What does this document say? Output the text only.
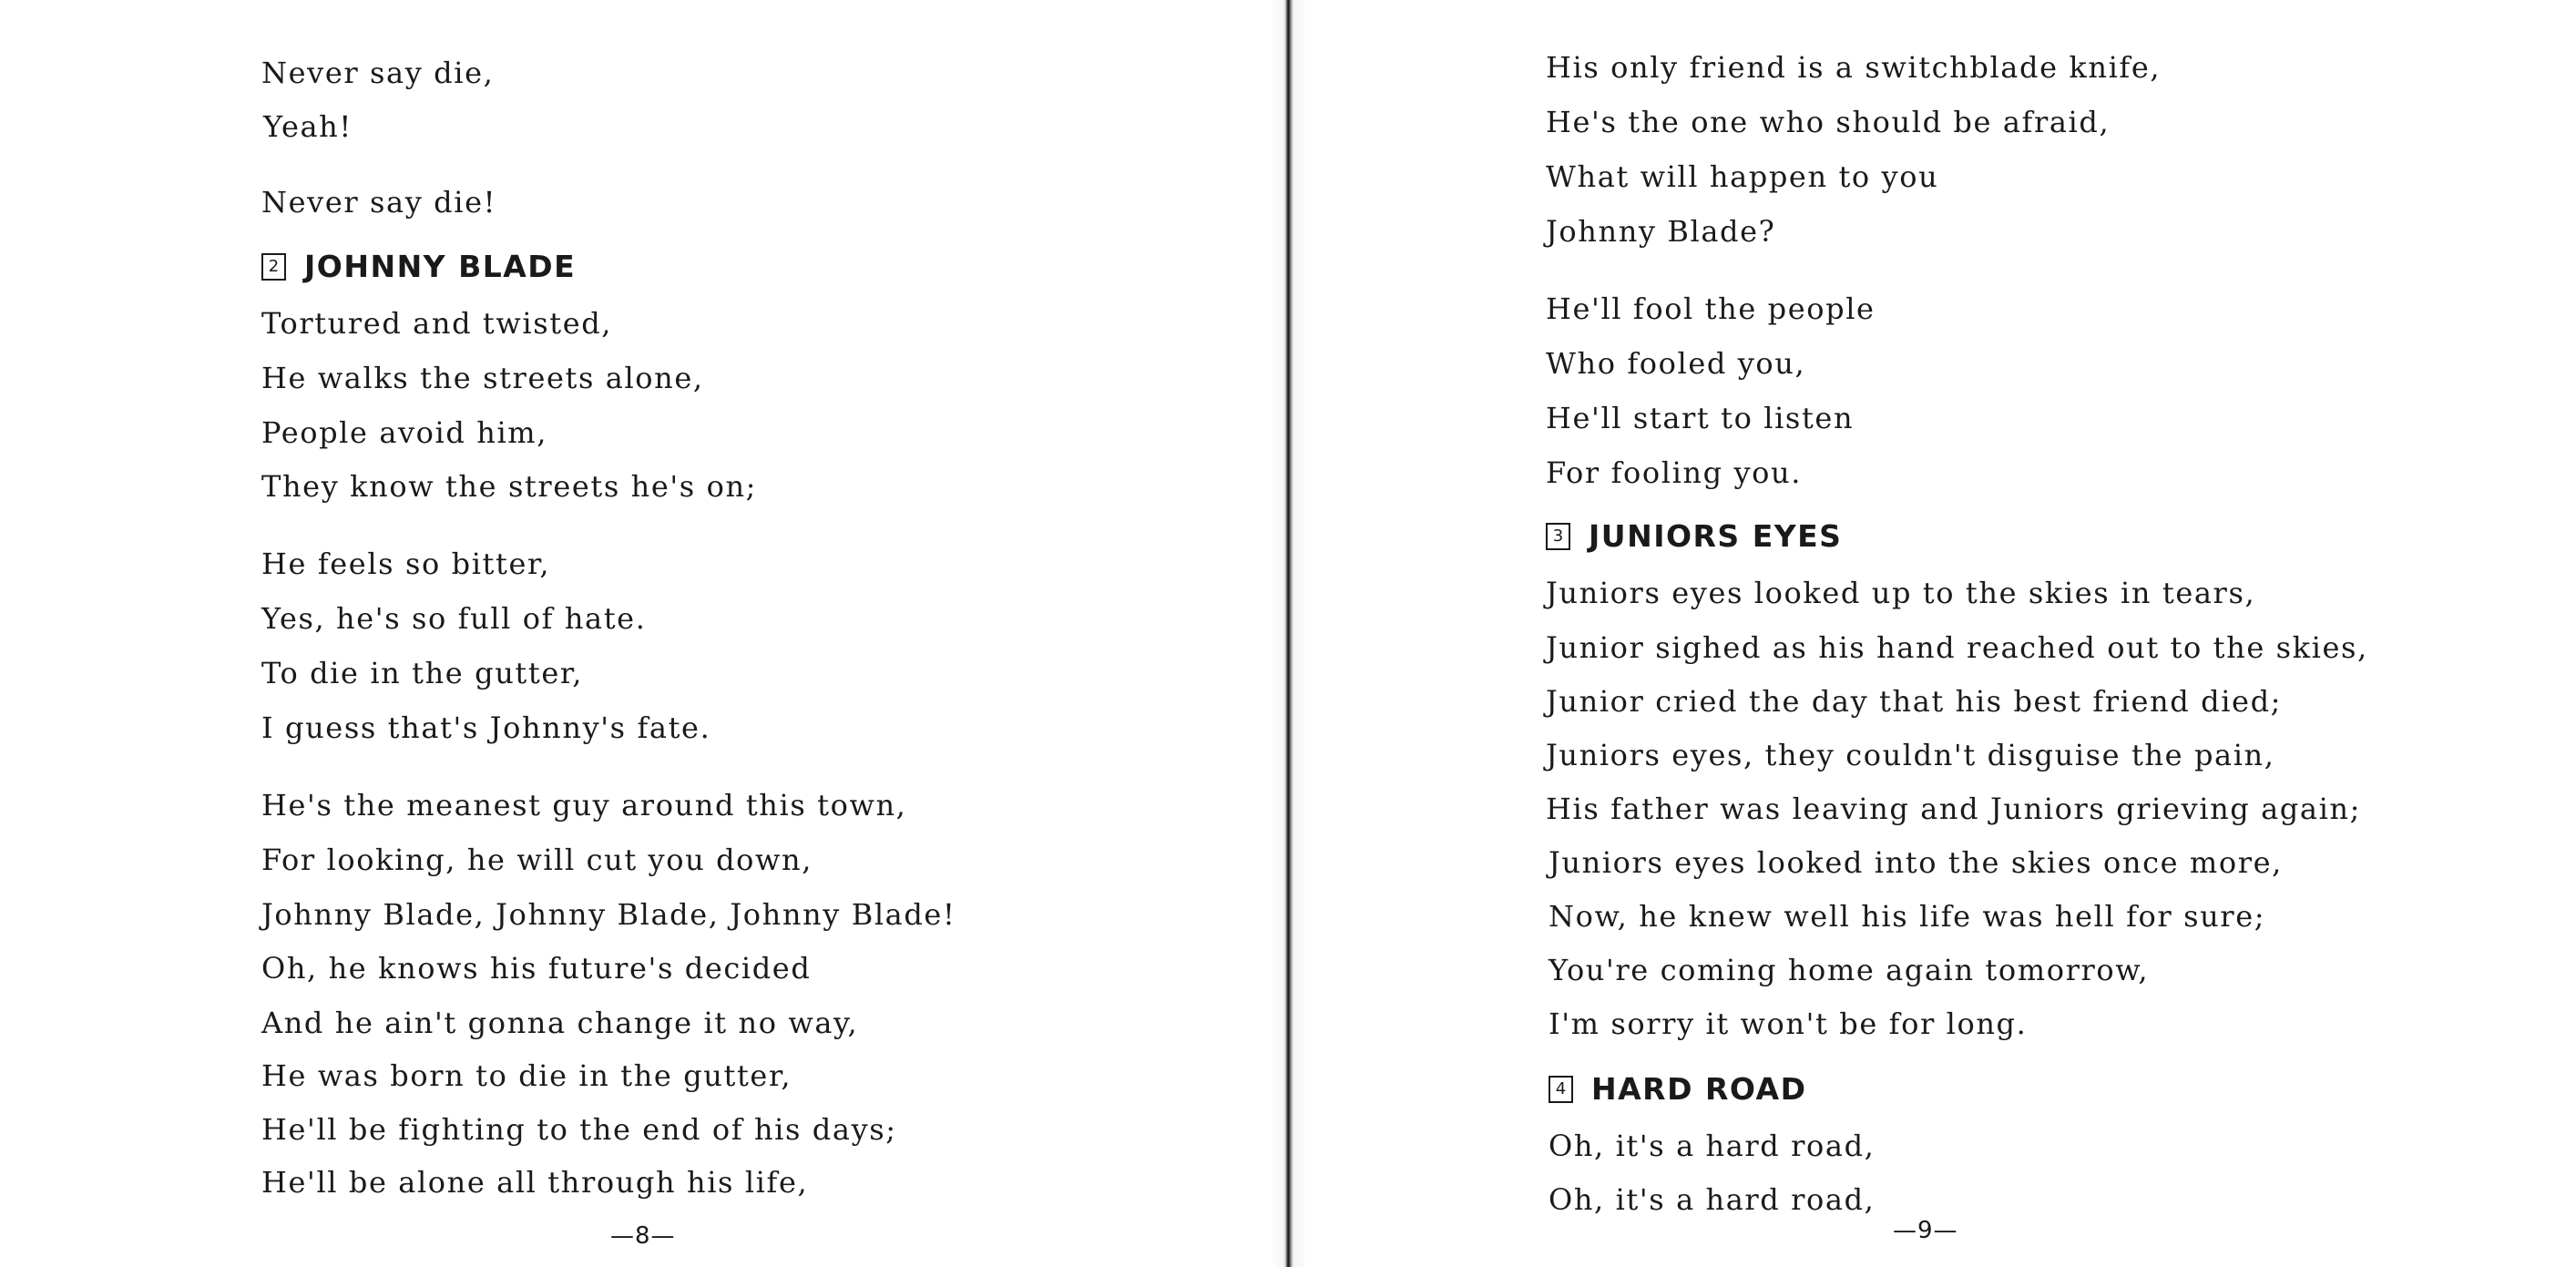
Never say die,
Yeah!
Never say die!
2 JOHNNY BLADE
Tortured and twisted,
He walks the streets alone,
People avoid him,
They know the streets he's on;
He feels so bitter,
Yes, he's so full of hate.
To die in the gutter,
I guess that's Johnny's fate.
He's the meanest guy around this town,
For looking, he will cut you down,
Johnny Blade, Johnny Blade, Johnny Blade!
Oh, he knows his future's decided
And he ain't gonna change it no way,
He was born to die in the gutter,
He'll be fighting to the end of his days;
He'll be alone all through his life,
—8—
His only friend is a switchblade knife,
He's the one who should be afraid,
What will happen to you
Johnny Blade?
He'll fool the people
Who fooled you,
He'll start to listen
For fooling you.
3 JUNIORS EYES
Juniors eyes looked up to the skies in tears,
Junior sighed as his hand reached out to the skies,
Junior cried the day that his best friend died;
Juniors eyes, they couldn't disguise the pain,
His father was leaving and Juniors grieving again;
Juniors eyes looked into the skies once more,
Now, he knew well his life was hell for sure;
You're coming home again tomorrow,
I'm sorry it won't be for long.
4 HARD ROAD
Oh, it's a hard road,
Oh, it's a hard road,
—9—
